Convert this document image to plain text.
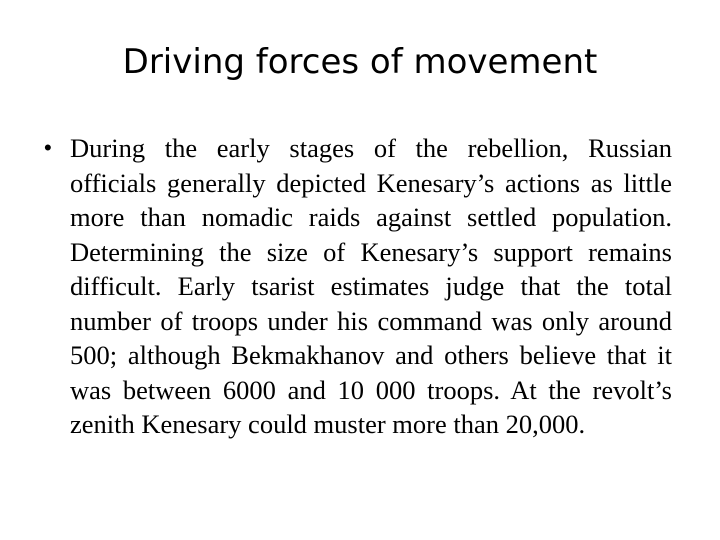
Driving forces of movement
• During the early stages of the rebellion, Russian officials generally depicted Kenesary’s actions as little more than nomadic raids against settled population. Determining the size of Kenesary’s support remains difficult. Early tsarist estimates judge that the total number of troops under his command was only around 500; although Bekmakhanov and others believe that it was between 6000 and 10 000 troops. At the revolt’s zenith Kenesary could muster more than 20,000.
